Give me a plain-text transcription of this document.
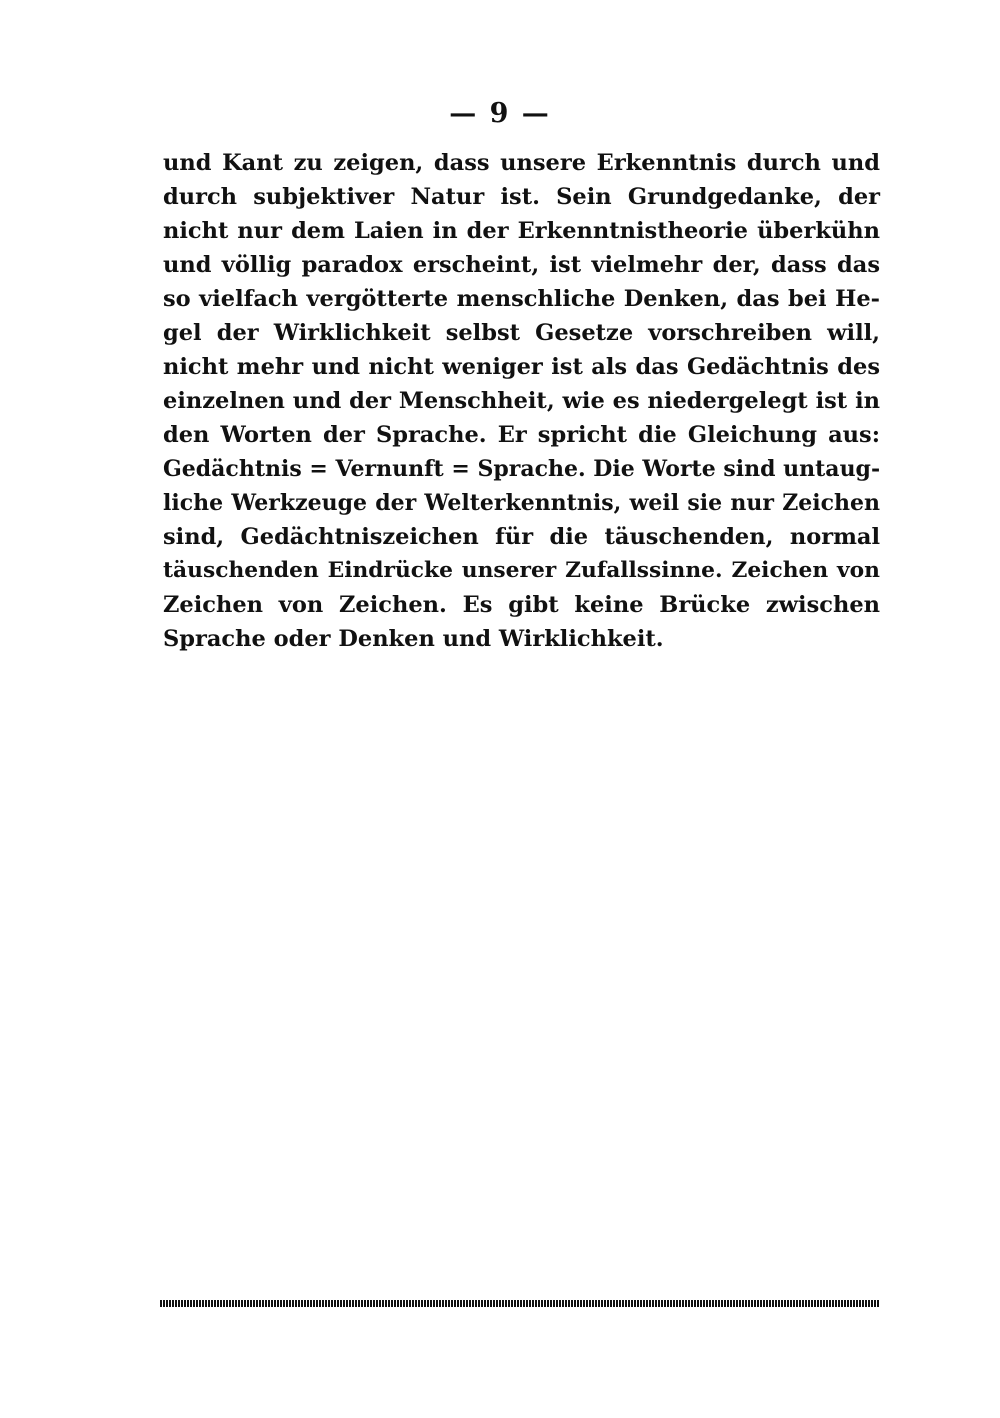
— 9 —
und Kant zu zeigen, dass unsere Erkenntnis durch und
durch subjektiver Natur ist. Sein Grundgedanke, der
nicht nur dem Laien in der Erkenntnistheorie überkühn
und völlig paradox erscheint, ist vielmehr der, dass das
so vielfach vergötterte menschliche Denken, das bei He-
gel der Wirklichkeit selbst Gesetze vorschreiben will,
nicht mehr und nicht weniger ist als das Gedächtnis des
einzelnen und der Menschheit, wie es niedergelegt ist in
den Worten der Sprache. Er spricht die Gleichung aus:
Gedächtnis = Vernunft = Sprache. Die Worte sind untaug-
liche Werkzeuge der Welterkenntnis, weil sie nur Zeichen
sind, Gedächtniszeichen für die täuschenden, normal
täuschenden Eindrücke unserer Zufallssinne. Zeichen von
Zeichen von Zeichen. Es gibt keine Brücke zwischen
Sprache oder Denken und Wirklichkeit.
